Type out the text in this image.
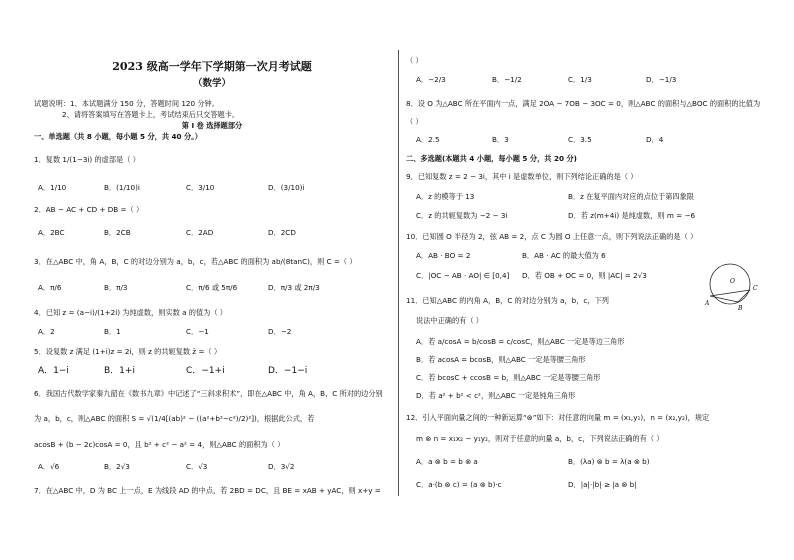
2023 级高一学年下学期第一次月考试题
（数学）
试题说明：1、本试题满分 150 分，答题时间 120 分钟。
2、请将答案填写在答题卡上，考试结束后只交答题卡。
第 I 卷 选择题部分
一、单选题（共 8 小题，每小题 5 分，共 40 分。）
1．复数 1/(1−3i) 的虚部是（ ）
A．1/10	B．(1/10)i	C．3/10	D．(3/10)i
2．AB − AC + CD + DB =（ ）
A．2BC	B．2CB	C．2AD	D．2CD
3．在△ABC 中，角 A，B，C 的对边分别为 a，b，c，若△ABC 的面积为 ab/(8tanC)，则 C =（ ）
A．π/6	B．π/3	C．π/6 或 5π/6	D．π/3 或 2π/3
4．已知 z = (a−i)/(1+2i) 为纯虚数，则实数 a 的值为（ ）
A．2	B．1	C．−1	D．−2
5．设复数 z 满足 (1+i)z = 2i，则 z 的共轭复数 z̄ =（ ）
A．1−i	B．1+i	C．−1+i	D．−1−i
6．我国古代数学家秦九韶在《数书九章》中记述了“三斜求积术”，即在△ABC 中，角 A，B，C 所对的边分别
为 a，b，c，则△ABC 的面积 S = √(1/4[(ab)² − ((a²+b²−c²)/2)²])，根据此公式，若
acosB + (b − 2c)cosA = 0，且 b² + c² − a² = 4，则△ABC 的面积为（ ）
A．√6	B．2√3	C．√3	D．3√2
7．在△ABC 中，D 为 BC 上一点，E 为线段 AD 的中点，若 2BD = DC，且 BE = xAB + yAC，则 x+y =
（ ）
A．−2/3	B．−1/2	C．1/3	D．−1/3
8．设 O 为△ABC 所在平面内一点，满足 2OA − 7OB − 3OC = 0，则△ABC 的面积与△BOC 的面积的比值为
（ ）
A．2.5	B．3	C．3.5	D．4
二、多选题(本题共 4 小题，每小题 5 分，共 20 分)
9．已知复数 z = 2 − 3i，其中 i 是虚数单位，则下列结论正确的是（ ）
A．z 的模等于 13	B．z 在复平面内对应的点位于第四象限
C．z 的共轭复数为 −2 − 3i	D．若 z(m+4i) 是纯虚数，则 m = −6
10．已知圆 O 半径为 2，弦 AB = 2，点 C 为圆 O 上任意一点，则下列说法正确的是（ ）
A．AB · BO = 2	B．AB · AC 的最大值为 6
C．|OC − AB · AO| ∈ [0,4] D．若 OB + OC = 0，则 |AC| = 2√3
O
A
B
C
11．已知△ABC 的内角 A，B，C 的对边分别为 a，b，c，下列
说法中正确的有（ ）
A．若 a/cosA = b/cosB = c/cosC，则△ABC 一定是等边三角形
B．若 acosA = bcosB，则△ABC 一定是等腰三角形
C．若 bcosC + ccosB = b，则△ABC 一定是等腰三角形
D．若 a² + b² < c²，则△ABC 一定是钝角三角形
12．引入平面向量之间的一种新运算“⊗”如下：对任意的向量 m = (x₁,y₁)，n = (x₂,y₂)，规定
m ⊗ n = x₁x₂ − y₁y₂，则对于任意的向量 a，b，c，下列说法正确的有（ ）
A．a ⊗ b = b ⊗ a	B．(λa) ⊗ b = λ(a ⊗ b)
C．a·(b ⊗ c) = (a ⊗ b)·c	D．|a|·|b| ≥ |a ⊗ b|
